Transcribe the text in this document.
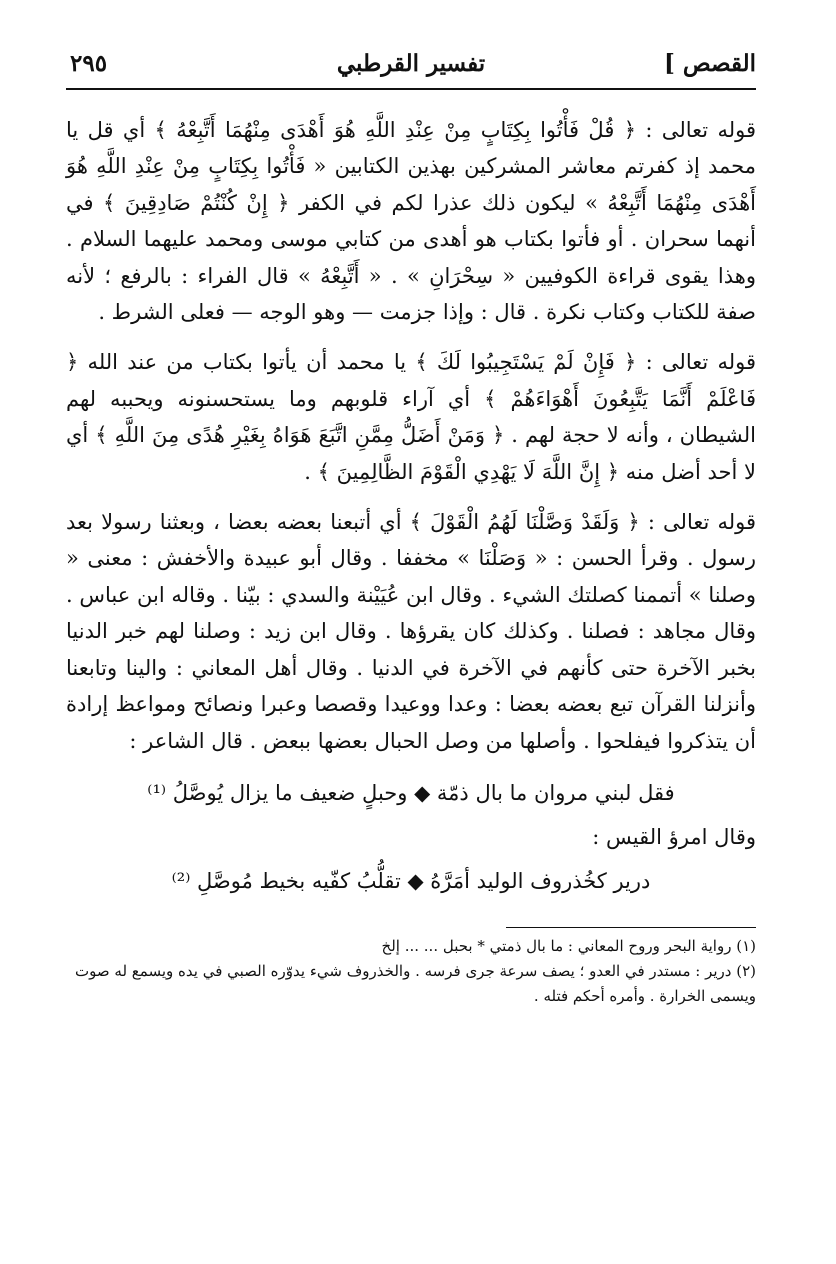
القصص ]
تفسير القرطبي
٢٩٥

قوله تعالى : ﴿ قُلْ فَأْتُوا بِكِتَابٍ مِنْ عِنْدِ اللَّهِ هُوَ أَهْدَى مِنْهُمَا أَتَّبِعْهُ ﴾ أي قل يا محمد إذ كفرتم معاشر المشركين بهذين الكتابين « فَأْتُوا بِكِتَابٍ مِنْ عِنْدِ اللَّهِ هُوَ أَهْدَى مِنْهُمَا أَتَّبِعْهُ » ليكون ذلك عذرا لكم في الكفر ﴿ إِنْ كُنْتُمْ صَادِقِينَ ﴾ في أنهما سحران . أو فأتوا بكتاب هو أهدى من كتابي موسى ومحمد عليهما السلام . وهذا يقوى قراءة الكوفيين « سِحْرَانِ » . « أَتَّبِعْهُ » قال الفراء : بالرفع ؛ لأنه صفة للكتاب وكتاب نكرة . قال : وإذا جزمت — وهو الوجه — فعلى الشرط .

قوله تعالى : ﴿ فَإِنْ لَمْ يَسْتَجِيبُوا لَكَ ﴾ يا محمد أن يأتوا بكتاب من عند الله ﴿ فَاعْلَمْ أَنَّمَا يَتَّبِعُونَ أَهْوَاءَهُمْ ﴾ أي آراء قلوبهم وما يستحسنونه ويحببه لهم الشيطان ، وأنه لا حجة لهم . ﴿ وَمَنْ أَضَلُّ مِمَّنِ اتَّبَعَ هَوَاهُ بِغَيْرِ هُدًى مِنَ اللَّهِ ﴾ أي لا أحد أضل منه ﴿ إِنَّ اللَّهَ لَا يَهْدِي الْقَوْمَ الظَّالِمِينَ ﴾ .

قوله تعالى : ﴿ وَلَقَدْ وَصَّلْنَا لَهُمُ الْقَوْلَ ﴾ أي أتبعنا بعضه بعضا ، وبعثنا رسولا بعد رسول . وقرأ الحسن : « وَصَلْنَا » مخففا . وقال أبو عبيدة والأخفش : معنى « وصلنا » أتممنا كصلتك الشيء . وقال ابن عُيَيْنة والسدي : بيّنا . وقاله ابن عباس . وقال مجاهد : فصلنا . وكذلك كان يقرؤها . وقال ابن زيد : وصلنا لهم خبر الدنيا بخبر الآخرة حتى كأنهم في الآخرة في الدنيا . وقال أهل المعاني : والينا وتابعنا وأنزلنا القرآن تبع بعضه بعضا : وعدا ووعيدا وقصصا وعبرا ونصائح ومواعظ إرادة أن يتذكروا فيفلحوا . وأصلها من وصل الحبال بعضها ببعض . قال الشاعر :

فقل لبني مروان ما بال ذمّة ◆ وحبلٍ ضعيف ما يزال يُوصَّلُ ⁽¹⁾

وقال امرؤ القيس :

درير كخُذروف الوليد أمَرَّهُ ◆ تقلُّبُ كفّيه بخيط مُوصَّلِ ⁽²⁾

(١) رواية البحر وروح المعاني : ما بال ذمتي * بحبل ... ... إلخ

(٢) درير : مستدر في العدو ؛ يصف سرعة جرى فرسه . والخذروف شيء يدوّره الصبي في يده ويسمع له صوت ويسمى الخرارة . وأمره أحكم فتله .
